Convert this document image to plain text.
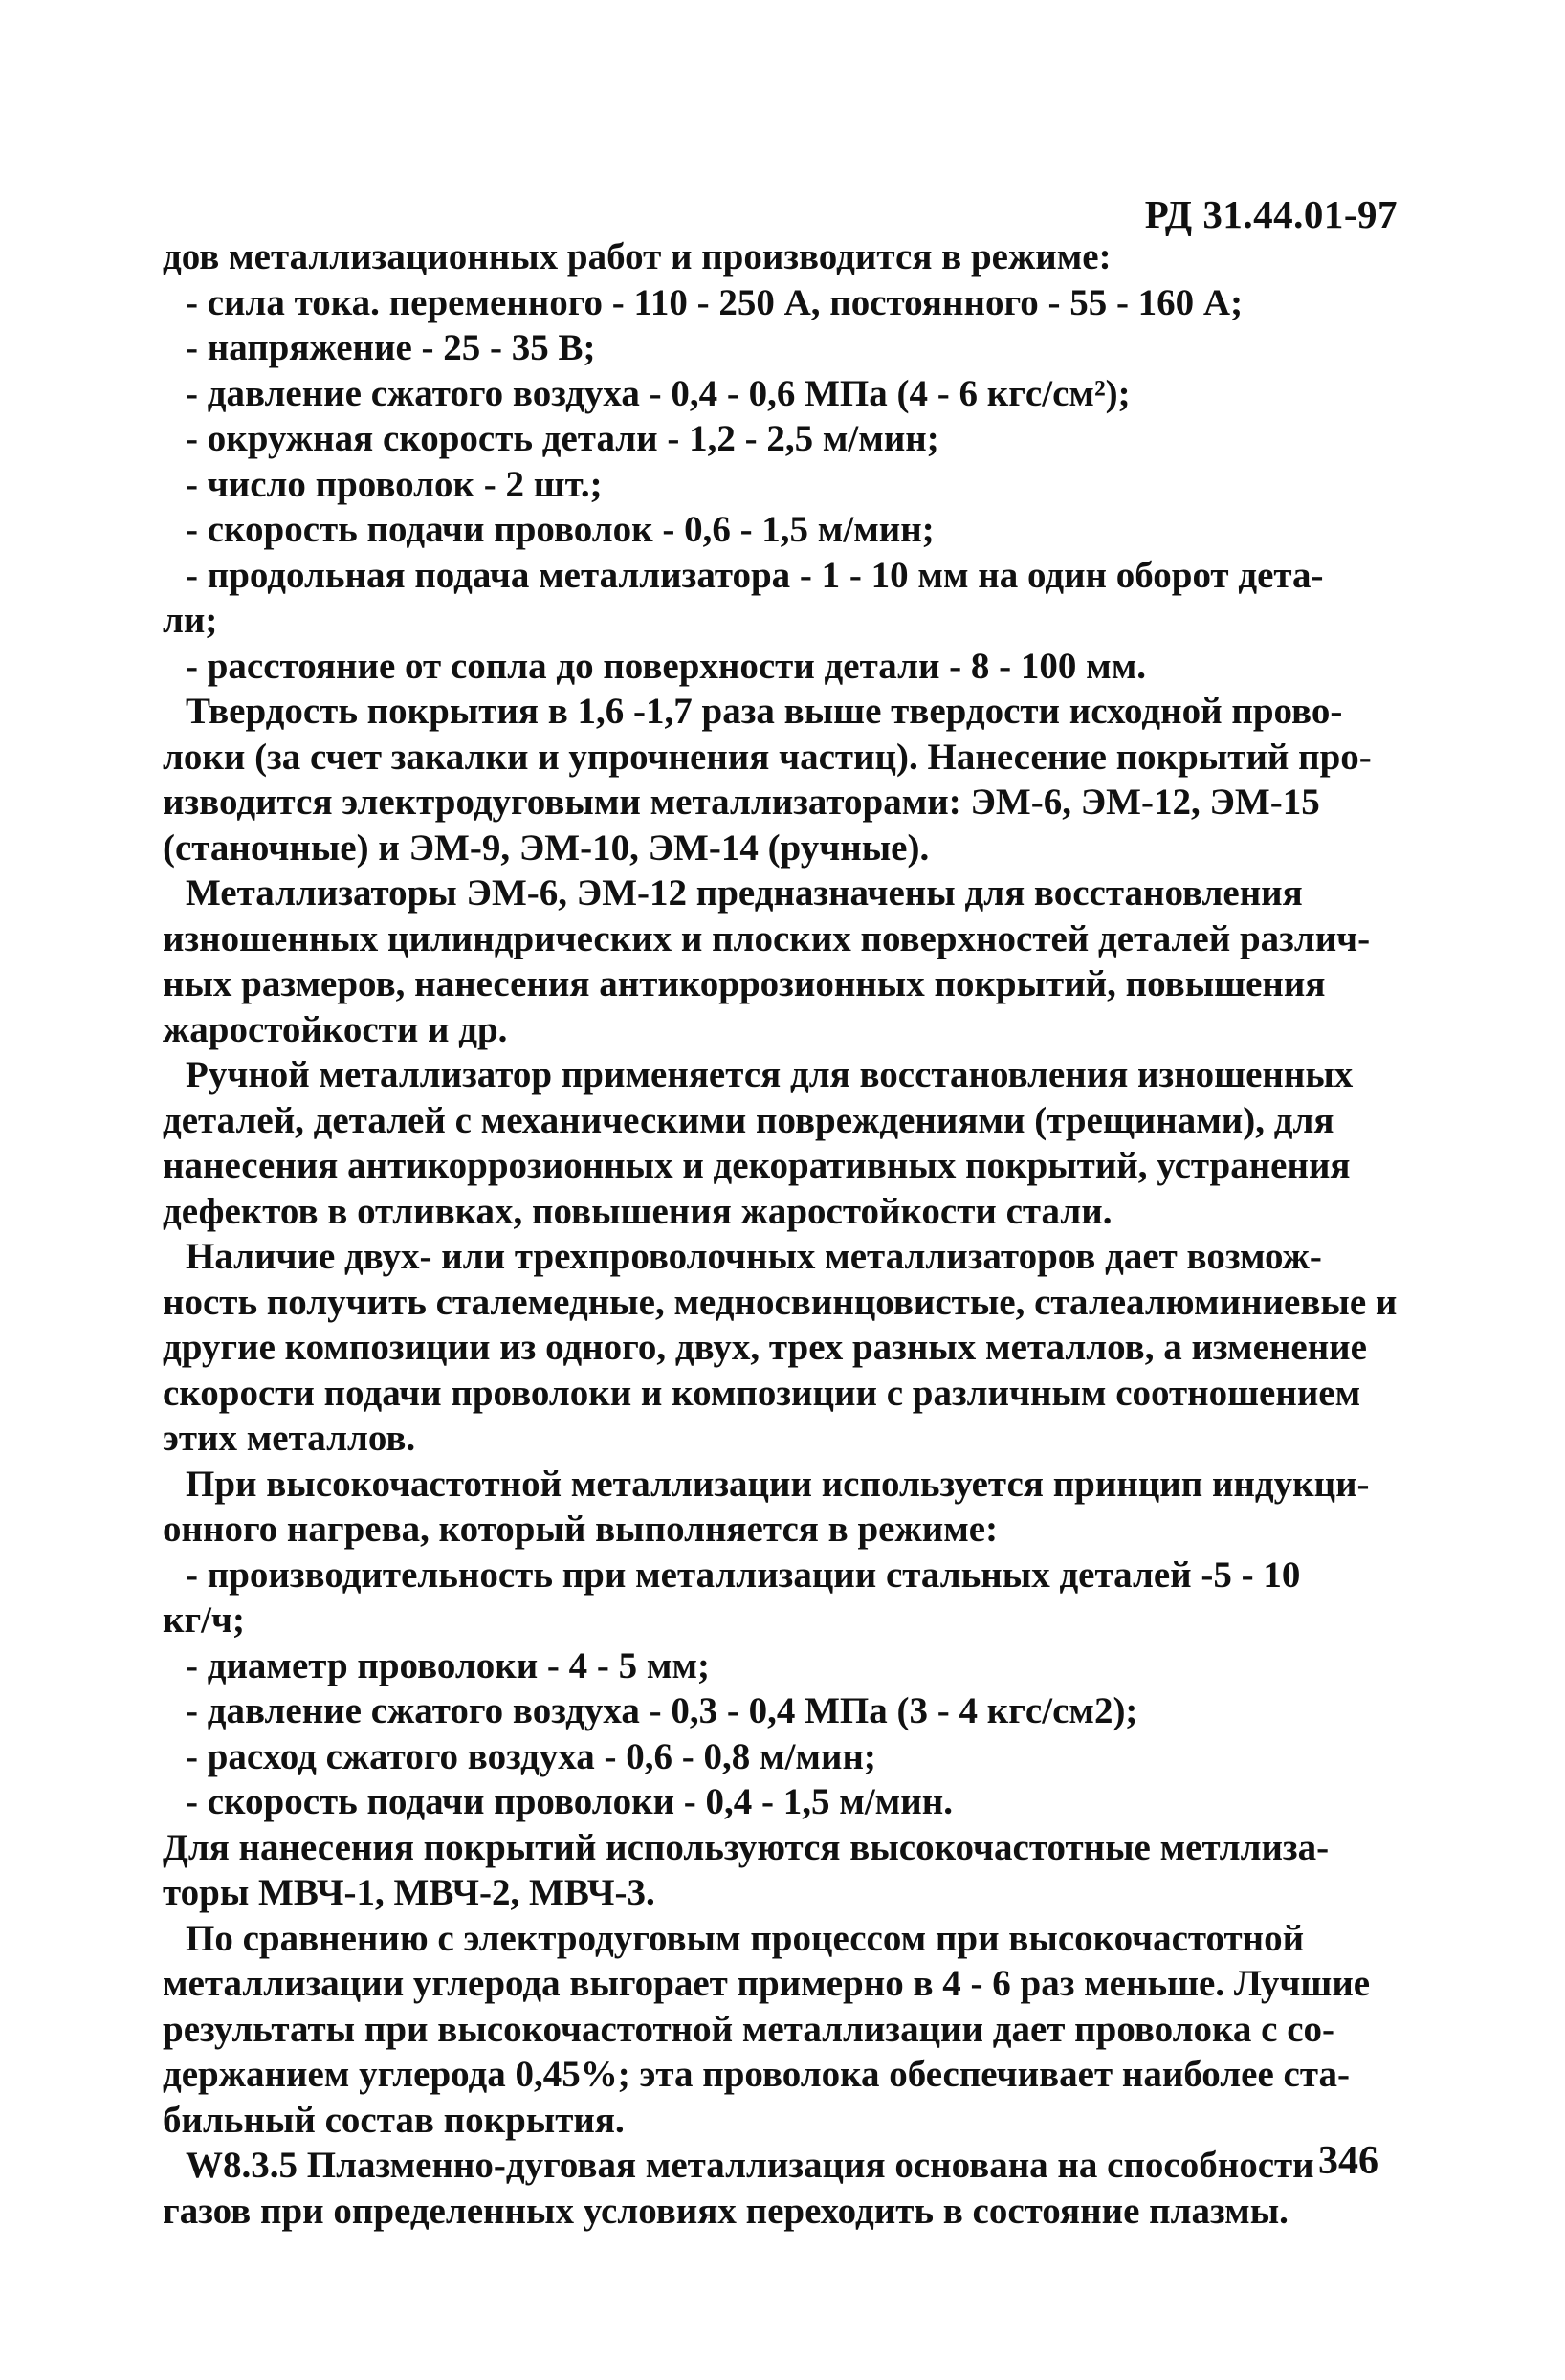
РД 31.44.01-97
дов металлизационных работ и производится в режиме:
- сила тока. переменного - 110 - 250 А, постоянного - 55 - 160 А;
- напряжение - 25 - 35 В;
- давление сжатого воздуха - 0,4 - 0,6 МПа (4 - 6 кгс/см²);
- окружная скорость детали - 1,2 - 2,5 м/мин;
- число проволок - 2 шт.;
- скорость подачи проволок - 0,6 - 1,5 м/мин;
- продольная подача металлизатора - 1 - 10 мм на один оборот дета-
ли;
- расстояние от сопла до поверхности детали - 8 - 100 мм.
Твердость покрытия в 1,6 -1,7 раза выше твердости исходной прово-
локи (за счет закалки и упрочнения частиц). Нанесение покрытий про-
изводится электродуговыми металлизаторами: ЭМ-6, ЭМ-12, ЭМ-15
(станочные) и ЭМ-9, ЭМ-10, ЭМ-14 (ручные).
Металлизаторы ЭМ-6, ЭМ-12 предназначены для восстановления
изношенных цилиндрических и плоских поверхностей деталей различ-
ных размеров, нанесения антикоррозионных покрытий, повышения
жаростойкости и др.
Ручной металлизатор применяется для восстановления изношенных
деталей, деталей с механическими повреждениями (трещинами), для
нанесения антикоррозионных и декоративных покрытий, устранения
дефектов в отливках, повышения жаростойкости стали.
Наличие двух- или трехпроволочных металлизаторов дает возмож-
ность получить сталемедные, медносвинцовистые, сталеалюминиевые и
другие композиции из одного, двух, трех разных металлов, а изменение
скорости подачи проволоки и композиции с различным соотношением
этих металлов.
При высокочастотной металлизации используется принцип индукци-
онного нагрева, который выполняется в режиме:
- производительность при металлизации стальных деталей -5 - 10
кг/ч;
- диаметр проволоки - 4 - 5 мм;
- давление сжатого воздуха - 0,3 - 0,4 МПа (3 - 4 кгс/см2);
- расход сжатого воздуха - 0,6 - 0,8 м/мин;
- скорость подачи проволоки - 0,4 - 1,5 м/мин.
Для нанесения покрытий используются высокочастотные метллиза-
торы МВЧ-1, МВЧ-2, МВЧ-3.
По сравнению с электродуговым процессом при высокочастотной
металлизации углерода выгорает примерно в 4 - 6 раз меньше. Лучшие
результаты при высокочастотной металлизации дает проволока с со-
держанием углерода 0,45%; эта проволока обеспечивает наиболее ста-
бильный состав покрытия.
W8.3.5 Плазменно-дуговая металлизация основана на способности
газов при определенных условиях переходить в состояние плазмы.
346
